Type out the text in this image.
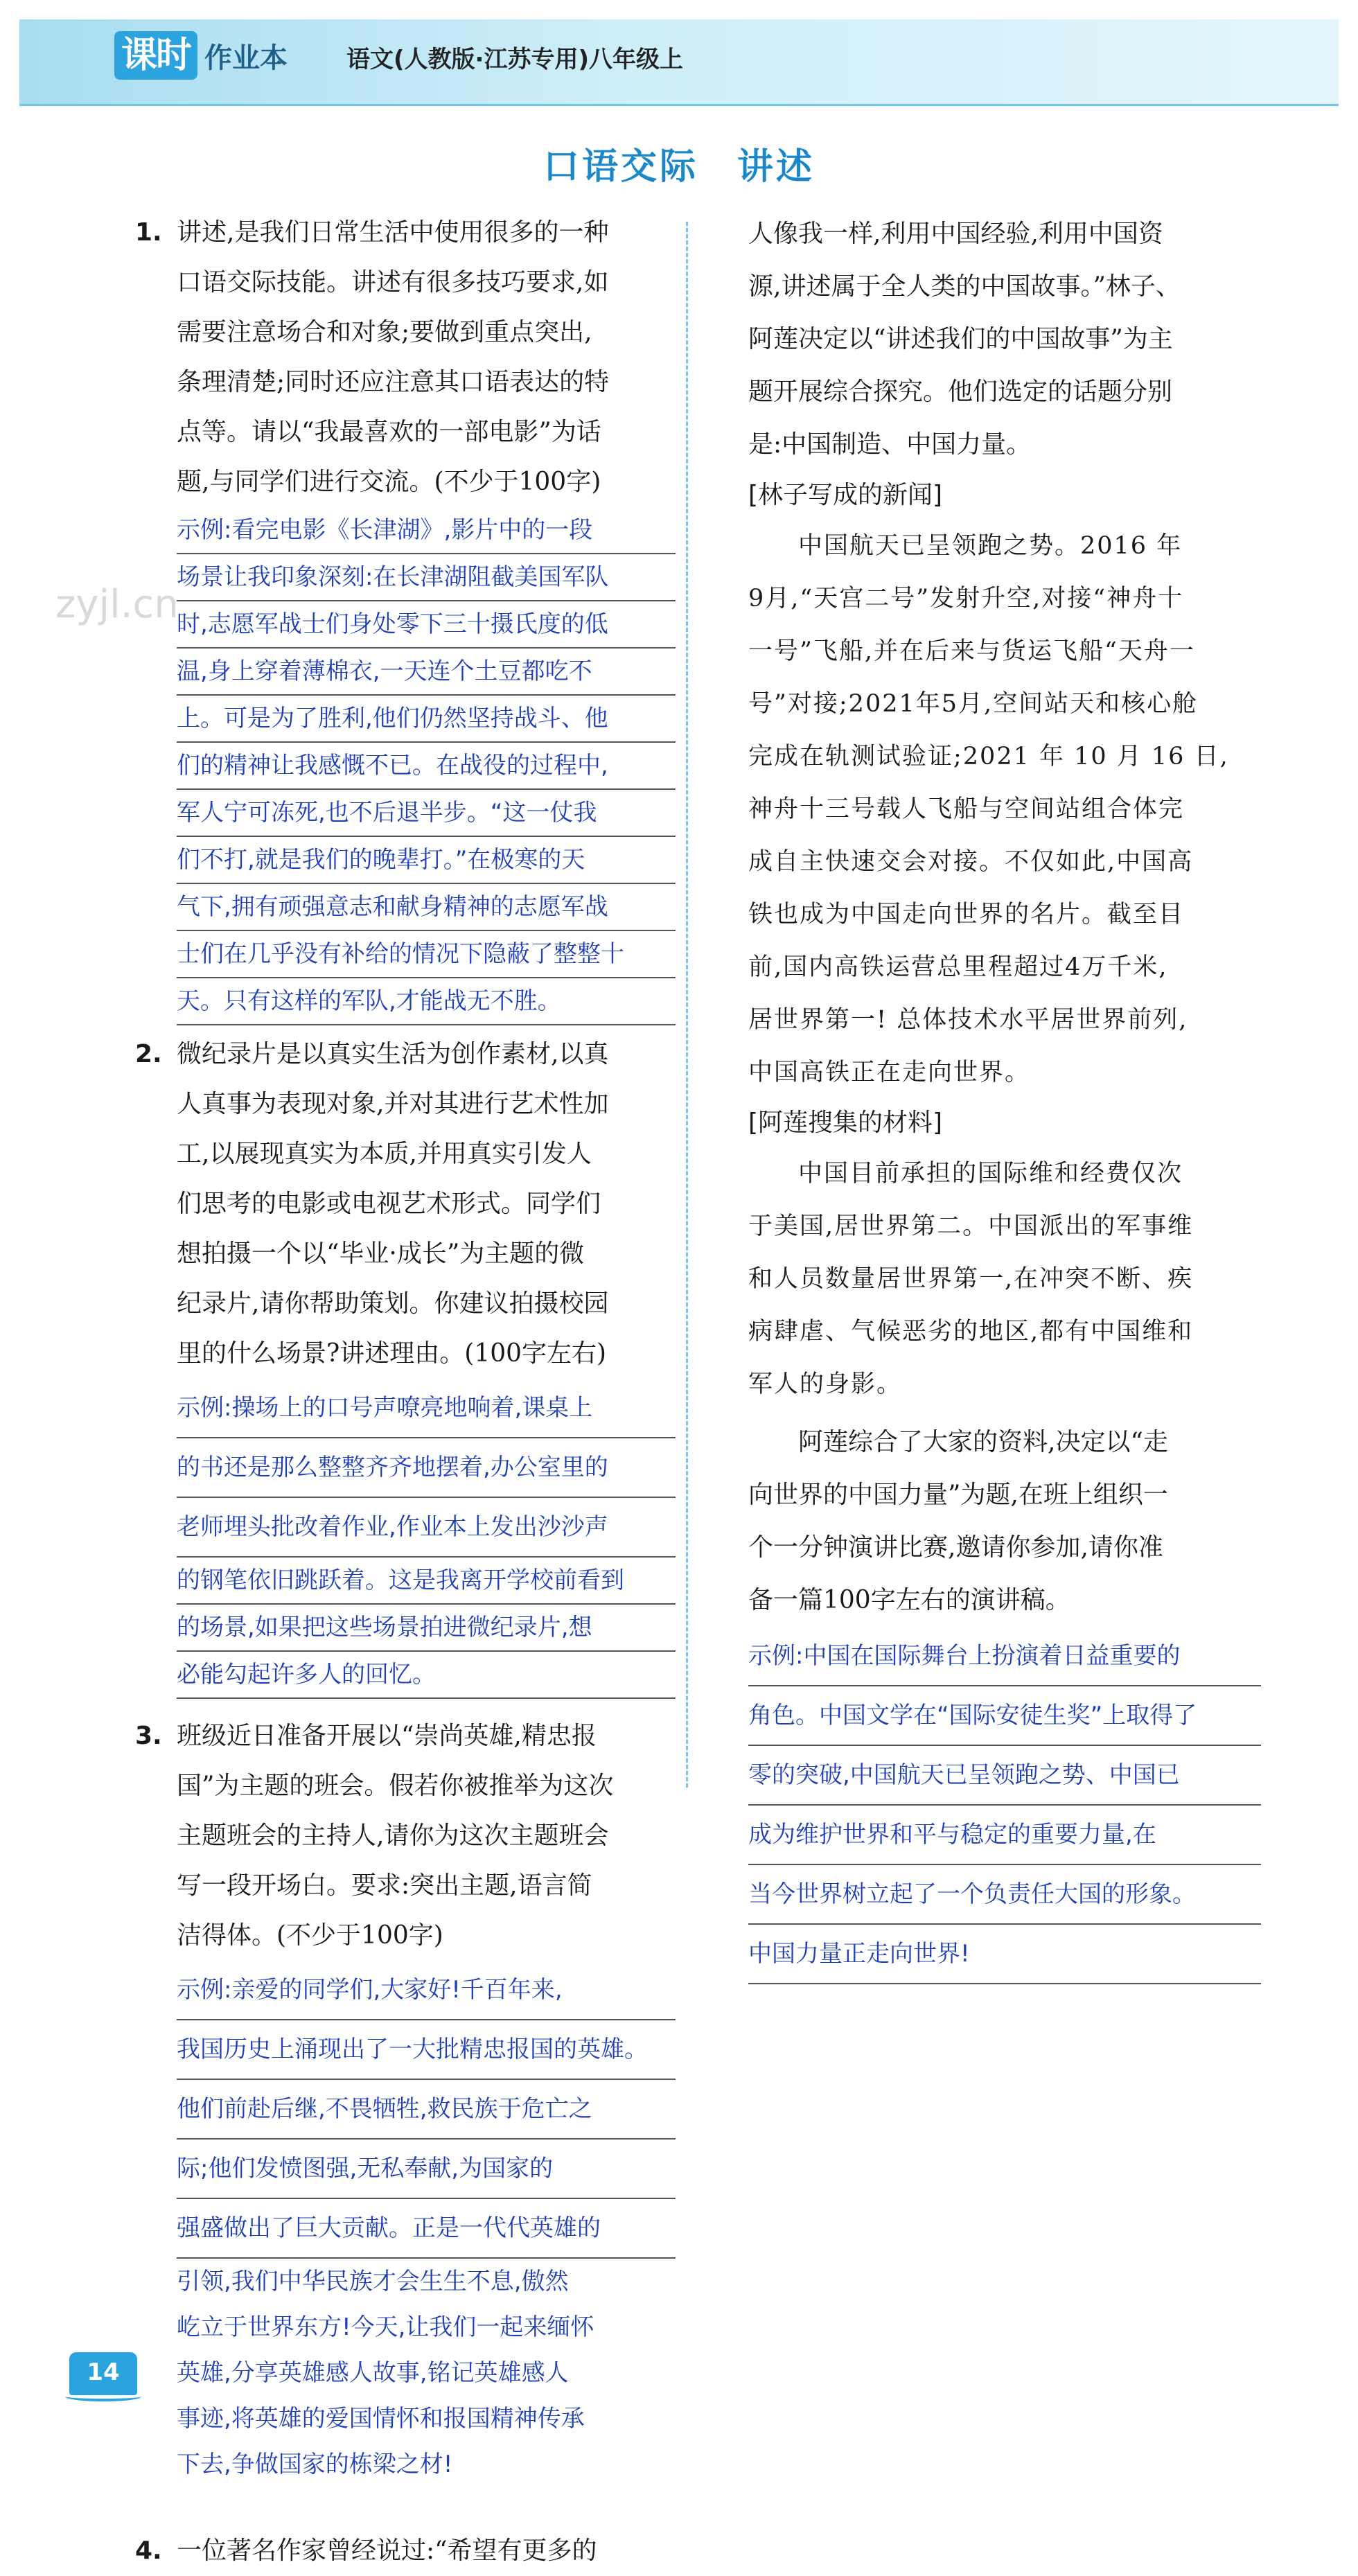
课时 作业本 语文(人教版·江苏专用)八年级上
口语交际　讲述
zyjl.cn
1. 讲述,是我们日常生活中使用很多的一种
口语交际技能。讲述有很多技巧要求,如
需要注意场合和对象;要做到重点突出,
条理清楚;同时还应注意其口语表达的特
点等。请以“我最喜欢的一部电影”为话
题,与同学们进行交流。(不少于100字)
示例:看完电影《长津湖》,影片中的一段
场景让我印象深刻:在长津湖阻截美国军队
时,志愿军战士们身处零下三十摄氏度的低
温,身上穿着薄棉衣,一天连个土豆都吃不
上。可是为了胜利,他们仍然坚持战斗、他
们的精神让我感慨不已。在战役的过程中,
军人宁可冻死,也不后退半步。“这一仗我
们不打,就是我们的晚辈打。”在极寒的天
气下,拥有顽强意志和献身精神的志愿军战
士们在几乎没有补给的情况下隐蔽了整整十
天。只有这样的军队,才能战无不胜。
2. 微纪录片是以真实生活为创作素材,以真
人真事为表现对象,并对其进行艺术性加
工,以展现真实为本质,并用真实引发人
们思考的电影或电视艺术形式。同学们
想拍摄一个以“毕业·成长”为主题的微
纪录片,请你帮助策划。你建议拍摄校园
里的什么场景?讲述理由。(100字左右)
示例:操场上的口号声嘹亮地响着,课桌上
的书还是那么整整齐齐地摆着,办公室里的
老师埋头批改着作业,作业本上发出沙沙声
的钢笔依旧跳跃着。这是我离开学校前看到
的场景,如果把这些场景拍进微纪录片,想
必能勾起许多人的回忆。
3. 班级近日准备开展以“崇尚英雄,精忠报
国”为主题的班会。假若你被推举为这次
主题班会的主持人,请你为这次主题班会
写一段开场白。要求:突出主题,语言简
洁得体。(不少于100字)
示例:亲爱的同学们,大家好!千百年来,
我国历史上涌现出了一大批精忠报国的英雄。
他们前赴后继,不畏牺牲,救民族于危亡之
际;他们发愤图强,无私奉献,为国家的
强盛做出了巨大贡献。正是一代代英雄的
引领,我们中华民族才会生生不息,傲然
屹立于世界东方!今天,让我们一起来缅怀
英雄,分享英雄感人故事,铭记英雄感人
事迹,将英雄的爱国情怀和报国精神传承
下去,争做国家的栋梁之材!
4. 一位著名作家曾经说过:“希望有更多的
人像我一样,利用中国经验,利用中国资
源,讲述属于全人类的中国故事。”林子、
阿莲决定以“讲述我们的中国故事”为主
题开展综合探究。他们选定的话题分别
是:中国制造、中国力量。
[林子写成的新闻]
中国航天已呈领跑之势。2016 年
9月,“天宫二号”发射升空,对接“神舟十
一号”飞船,并在后来与货运飞船“天舟一
号”对接;2021年5月,空间站天和核心舱
完成在轨测试验证;2021 年 10 月 16 日,
神舟十三号载人飞船与空间站组合体完
成自主快速交会对接。不仅如此,中国高
铁也成为中国走向世界的名片。截至目
前,国内高铁运营总里程超过4万千米,
居世界第一! 总体技术水平居世界前列,
中国高铁正在走向世界。
[阿莲搜集的材料]
中国目前承担的国际维和经费仅次
于美国,居世界第二。中国派出的军事维
和人员数量居世界第一,在冲突不断、疾
病肆虐、气候恶劣的地区,都有中国维和
军人的身影。
阿莲综合了大家的资料,决定以“走
向世界的中国力量”为题,在班上组织一
个一分钟演讲比赛,邀请你参加,请你准
备一篇100字左右的演讲稿。
示例:中国在国际舞台上扮演着日益重要的
角色。中国文学在“国际安徒生奖”上取得了
零的突破,中国航天已呈领跑之势、中国已
成为维护世界和平与稳定的重要力量,在
当今世界树立起了一个负责任大国的形象。
中国力量正走向世界!
14
